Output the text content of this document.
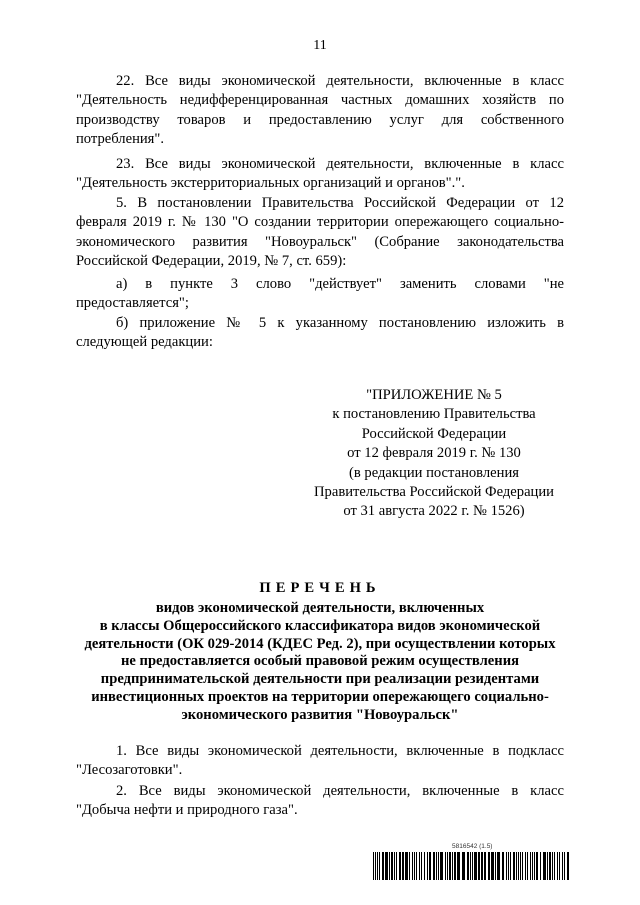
11

22. Все виды экономической деятельности, включенные в класс "Деятельность недифференцированная частных домашних хозяйств по производству товаров и предоставлению услуг для собственного потребления".

23. Все виды экономической деятельности, включенные в класс "Деятельность экстерриториальных организаций и органов".".

5. В постановлении Правительства Российской Федерации от 12 февраля 2019 г. № 130 "О создании территории опережающего социально-экономического развития "Новоуральск" (Собрание законодательства Российской Федерации, 2019, № 7, ст. 659):

а) в пункте 3 слово "действует" заменить словами "не предоставляется";

б) приложение № 5 к указанному постановлению изложить в следующей редакции:

"ПРИЛОЖЕНИЕ № 5
к постановлению Правительства
Российской Федерации
от 12 февраля 2019 г. № 130
(в редакции постановления
Правительства Российской Федерации
от 31 августа 2022 г. № 1526)
ПЕРЕЧЕНЬ
видов экономической деятельности, включенных
в классы Общероссийского классификатора видов экономической
деятельности (ОК 029-2014 (КДЕС Ред. 2), при осуществлении которых
не предоставляется особый правовой режим осуществления
предпринимательской деятельности при реализации резидентами
инвестиционных проектов на территории опережающего социально-
экономического развития "Новоуральск"

1. Все виды экономической деятельности, включенные в подкласс "Лесозаготовки".

2. Все виды экономической деятельности, включенные в класс "Добыча нефти и природного газа".

5816542 (1.5)
